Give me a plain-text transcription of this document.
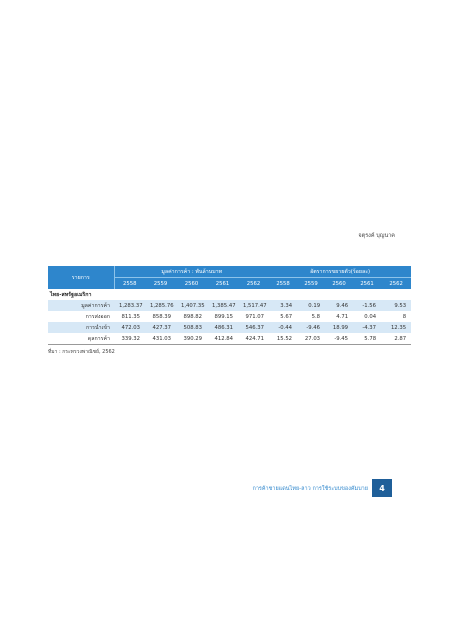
จตุรงค์ บุญนาค
รายการ	มูลค่าการค้า : พันล้านบาท					อัตราการขยายตัว(ร้อยละ)				
	2558	2559	2560	2561	2562	2558	2559	2560	2561	2562
ไทย-สหรัฐอเมริกา										
มูลค่าการค้า	1,283.37	1,285.76	1,407.35	1,385.47	1,517.47	3.34	0.19	9.46	-1.56	9.53
การส่งออก	811.35	858.39	898.82	899.15	971.07	5.67	5.8	4.71	0.04	8
การนำเข้า	472.03	427.37	508.83	486.31	546.37	-0.44	-9.46	18.99	-4.37	12.35
ดุลการค้า	339.32	431.03	390.29	412.84	424.71	15.52	27.03	-9.45	5.78	2.87
ที่มา : กระทรวงพาณิชย์, 2562
การค้าชายแดนไทย-ลาว การใช้ระบบของคัมบาย	4
